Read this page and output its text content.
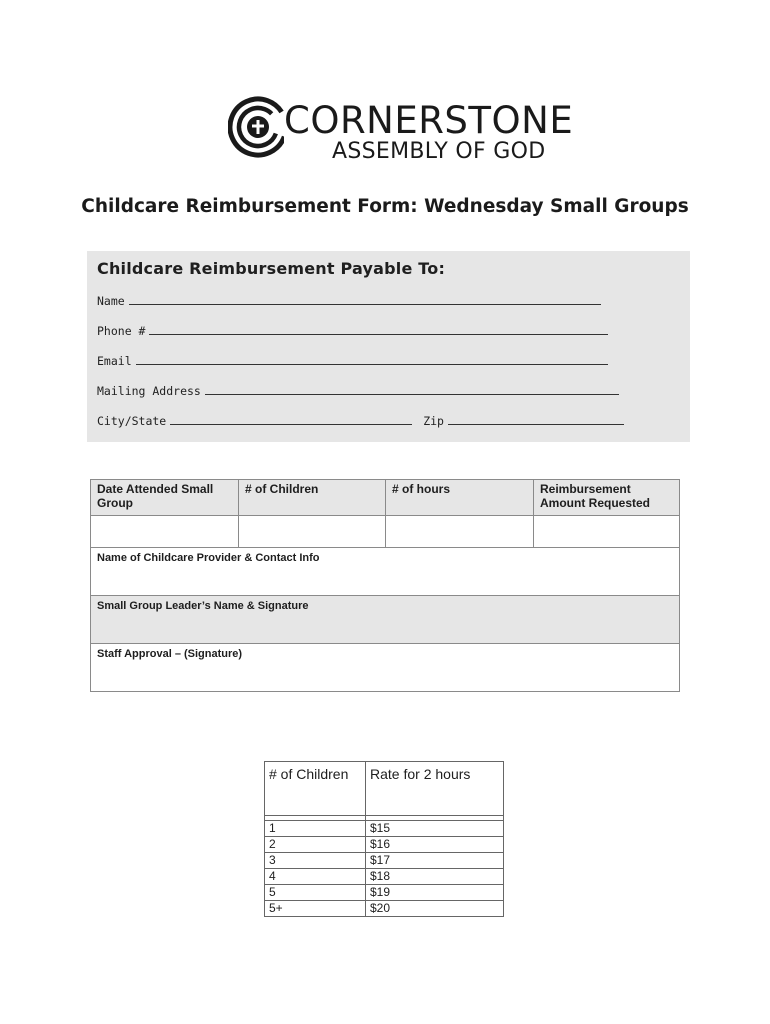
CORNERSTONE
ASSEMBLY OF GOD
Childcare Reimbursement Form: Wednesday Small Groups
Childcare Reimbursement Payable To:
Name
Phone #
Email
Mailing Address
City/State	Zip
Date Attended Small Group	# of Children	# of hours	Reimbursement Amount Requested

Name of Childcare Provider & Contact Info			
Small Group Leader’s Name & Signature			
Staff Approval – (Signature)			
# of Children	Rate for 2 hours

1	$15
2	$16
3	$17
4	$18
5	$19
5+	$20
